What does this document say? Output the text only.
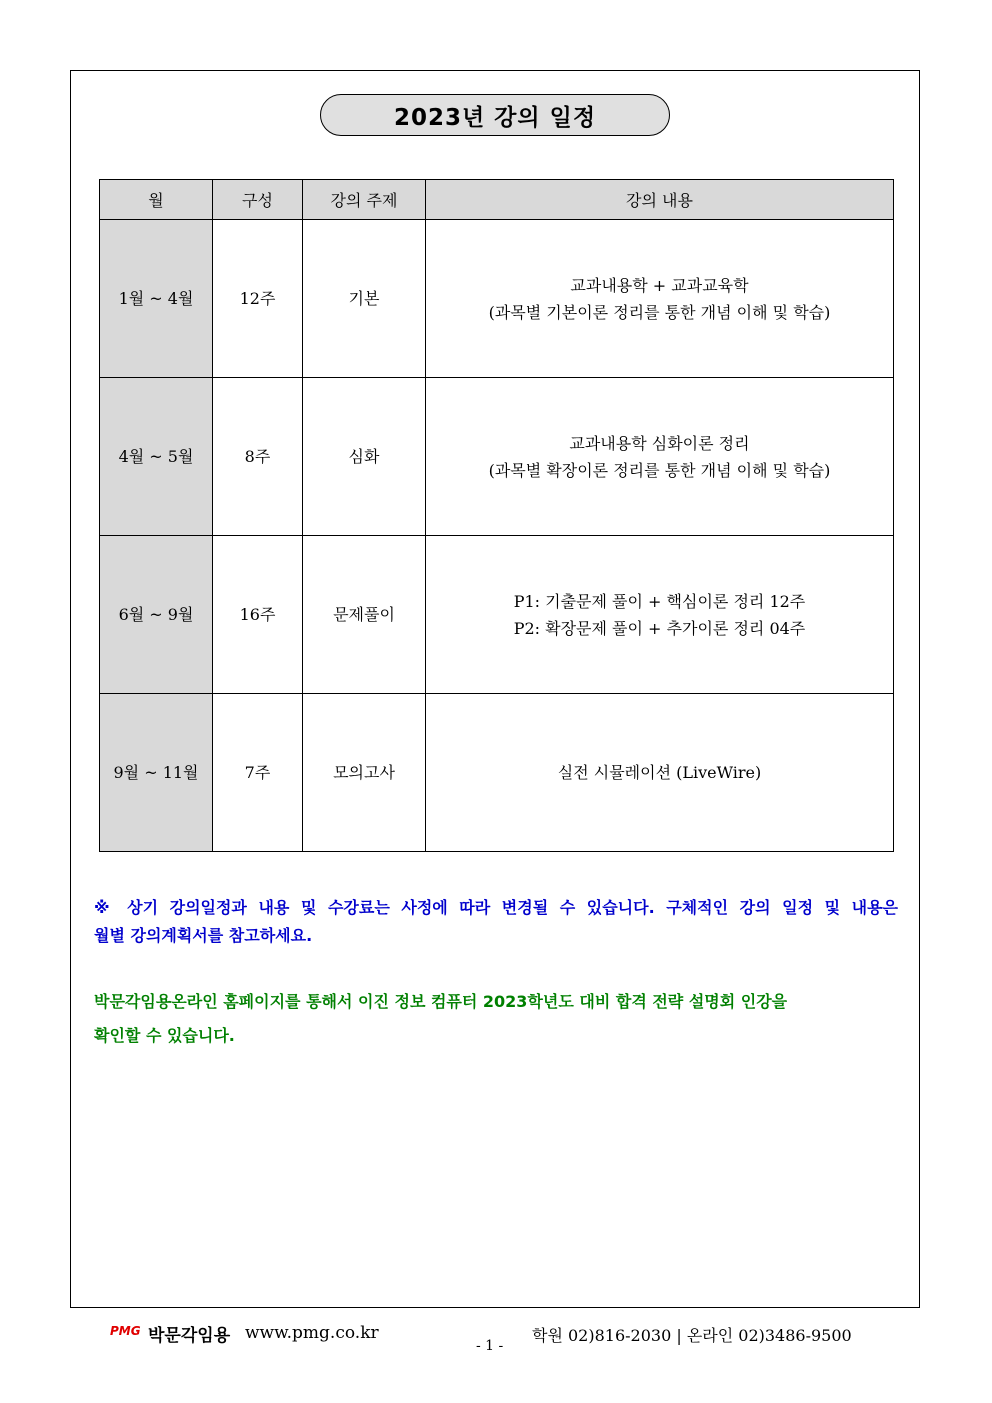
2023년 강의 일정
월	구성	강의 주제	강의 내용
1월 ~ 4월	12주	기본	교과내용학 + 교과교육학
(과목별 기본이론 정리를 통한 개념 이해 및 학습)

4월 ~ 5월	8주	심화	교과내용학 심화이론 정리
(과목별 확장이론 정리를 통한 개념 이해 및 학습)

6월 ~ 9월	16주	문제풀이	P1: 기출문제 풀이 + 핵심이론 정리 12주
P2: 확장문제 풀이 + 추가이론 정리 04주

9월 ~ 11월	7주	모의고사	실전 시뮬레이션 (LiveWire)
※ 상기 강의일정과 내용 및 수강료는 사정에 따라 변경될 수 있습니다. 구체적인 강의 일정 및 내용은
월별 강의계획서를 참고하세요.
박문각임용온라인 홈페이지를 통해서 이진 정보 컴퓨터 2023학년도 대비 합격 전략 설명회 인강을
확인할 수 있습니다.
PMG 박문각임용 www.pmg.co.kr
- 1 -
학원 02)816-2030 | 온라인 02)3486-9500
